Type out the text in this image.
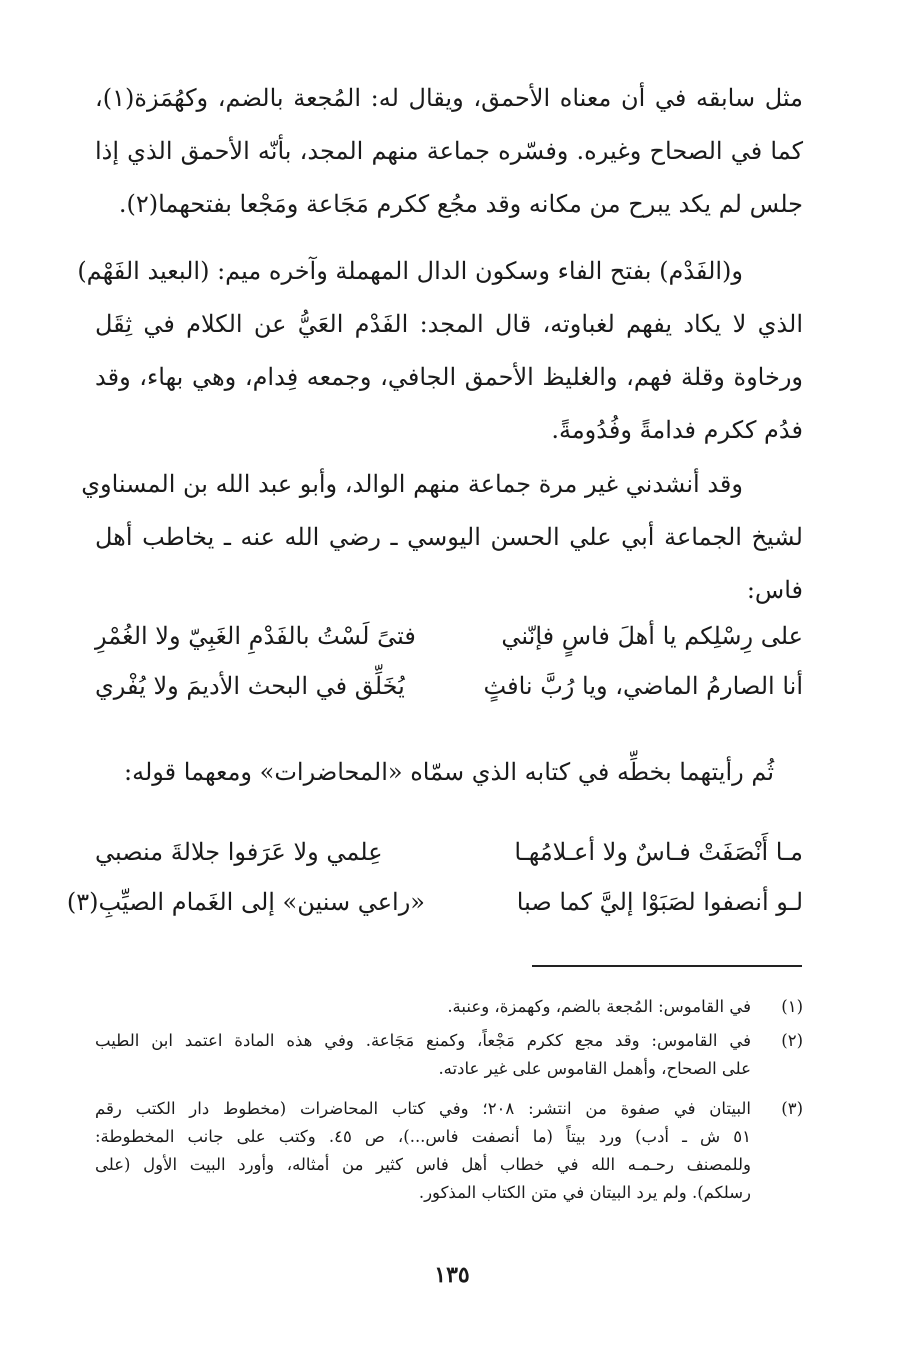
مثل سابقه في أن معناه الأحمق، ويقال له: المُجعة بالضم، وكهُمَزة(١)،
كما في الصحاح وغيره. وفسّره جماعة منهم المجد، بأنّه الأحمق الذي إذا
جلس لم يكد يبرح من مكانه وقد مجُع ككرم مَجَاعة ومَجْعا بفتحهما(٢).
و(الفَدْم) بفتح الفاء وسكون الدال المهملة وآخره ميم: (البعيد الفَهْم)
الذي لا يكاد يفهم لغباوته، قال المجد: الفَدْم العَيُّ عن الكلام في ثِقَل
ورخاوة وقلة فهم، والغليظ الأحمق الجافي، وجمعه فِدام، وهي بهاء، وقد
فدُم ككرم فدامةً وفُدُومةً.
وقد أنشدني غير مرة جماعة منهم الوالد، وأبو عبد الله بن المسناوي
لشيخ الجماعة أبي علي الحسن اليوسي ـ رضي الله عنه ـ يخاطب أهل
فاس:
على رِسْلِكم يا أهلَ فاسٍ فإنّني
فتىً لَسْتُ بالفَدْمِ الغَبِيّ ولا الغُمْرِ
أنا الصارمُ الماضي، ويا رُبَّ نافثٍ
يُخَلِّق في البحث الأديمَ ولا يُفْري
ثُم رأيتهما بخطِّه في كتابه الذي سمّاه «المحاضرات» ومعهما قوله:
مـا أَنْصَفَتْ فـاسٌ ولا أعـلامُهـا
عِلمي ولا عَرَفوا جلالةَ منصبي
لـو أنصفوا لصَبَوْا إليَّ كما صبا
«راعي سنين» إلى الغَمام الصيِّبِ(٣)
(١)
في القاموس: المُجعة بالضم، وكهمزة، وعنبة.
(٢)
في القاموس: وقد مجع ككرم مَجْعاً، وكمنع مَجَاعة. وفي هذه المادة اعتمد ابن الطيب
على الصحاح، وأهمل القاموس على غير عادته.
(٣)
البيتان في صفوة من انتشر: ٢٠٨؛ وفي كتاب المحاضرات (مخطوط دار الكتب رقم
٥١ ش ـ أدب) ورد بيتاً (ما أنصفت فاس...)، ص ٤٥. وكتب على جانب المخطوطة:
وللمصنف رحـمـه الله في خطاب أهل فاس كثير من أمثاله، وأورد البيت الأول (على
رسلكم). ولم يرد البيتان في متن الكتاب المذكور.
١٣٥
